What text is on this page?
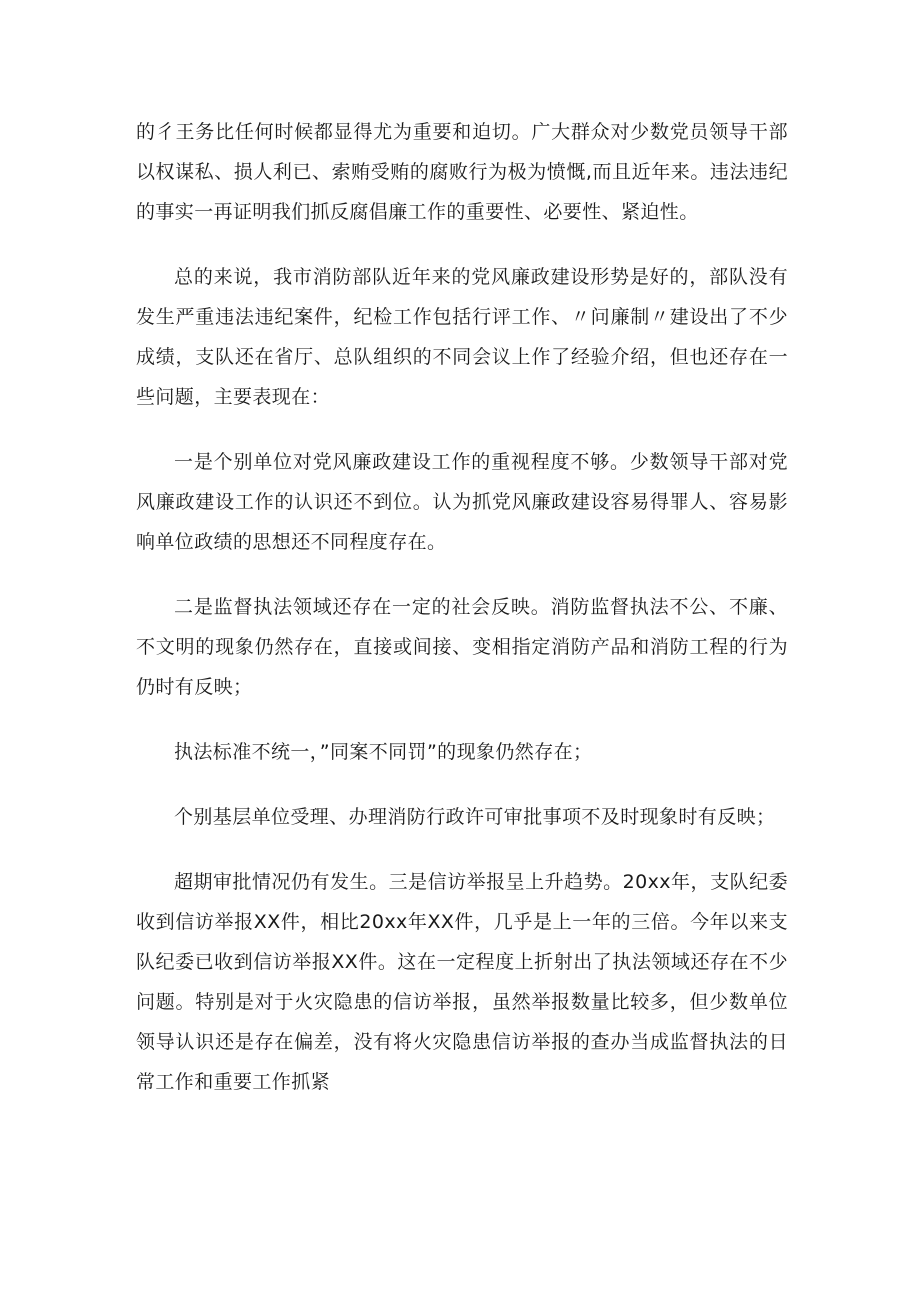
的彳王务比任何时候都显得尤为重要和迫切。广大群众对少数党员领导干部以权谋私、损人利已、索贿受贿的腐败行为极为愤慨,而且近年来。违法违纪的事实一再证明我们抓反腐倡廉工作的重要性、必要性、紧迫性。

总的来说，我市消防部队近年来的党风廉政建设形势是好的，部队没有发生严重违法违纪案件，纪检工作包括行评工作、〃问廉制〃建设出了不少成绩，支队还在省厅、总队组织的不同会议上作了经验介绍，但也还存在一些问题，主要表现在：

一是个别单位对党风廉政建设工作的重视程度不够。少数领导干部对党风廉政建设工作的认识还不到位。认为抓党风廉政建设容易得罪人、容易影响单位政绩的思想还不同程度存在。

二是监督执法领域还存在一定的社会反映。消防监督执法不公、不廉、不文明的现象仍然存在，直接或间接、变相指定消防产品和消防工程的行为仍时有反映；

执法标准不统一，”同案不同罚”的现象仍然存在；

个别基层单位受理、办理消防行政许可审批事项不及时现象时有反映；

超期审批情况仍有发生。三是信访举报呈上升趋势。20xx年，支队纪委收到信访举报XX件，相比20xx年XX件，几乎是上一年的三倍。今年以来支队纪委已收到信访举报XX件。这在一定程度上折射出了执法领域还存在不少问题。特别是对于火灾隐患的信访举报，虽然举报数量比较多，但少数单位领导认识还是存在偏差，没有将火灾隐患信访举报的查办当成监督执法的日常工作和重要工作抓紧
